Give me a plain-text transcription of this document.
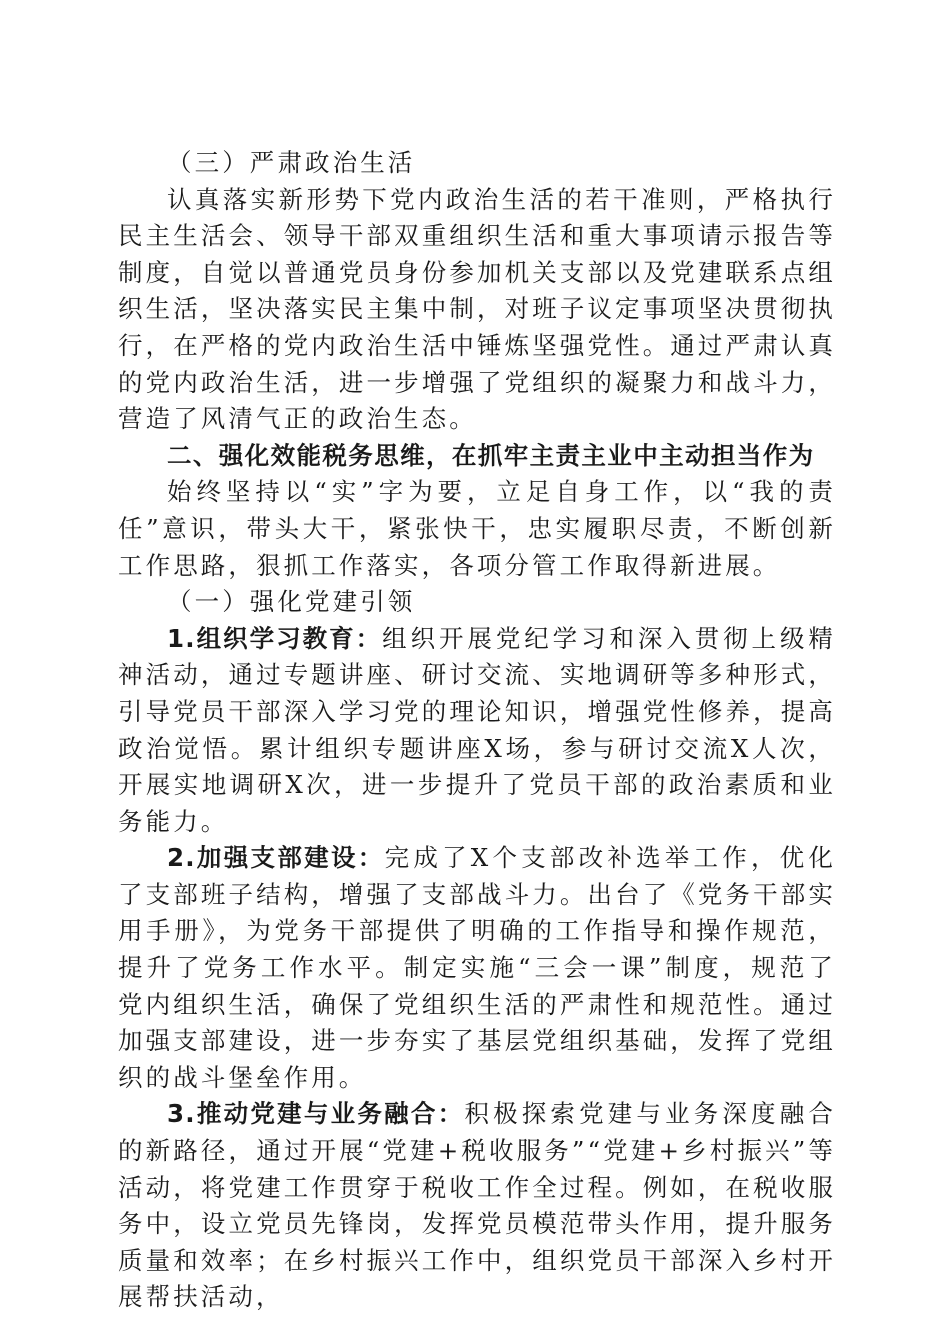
（三）严肃政治生活

认真落实新形势下党内政治生活的若干准则，严格执行民主生活会、领导干部双重组织生活和重大事项请示报告等制度，自觉以普通党员身份参加机关支部以及党建联系点组织生活，坚决落实民主集中制，对班子议定事项坚决贯彻执行，在严格的党内政治生活中锤炼坚强党性。通过严肃认真的党内政治生活，进一步增强了党组织的凝聚力和战斗力，营造了风清气正的政治生态。

二、强化效能税务思维，在抓牢主责主业中主动担当作为

始终坚持以“实”字为要，立足自身工作，以“我的责任”意识，带头大干，紧张快干，忠实履职尽责，不断创新工作思路，狠抓工作落实，各项分管工作取得新进展。

（一）强化党建引领

1.组织学习教育：组织开展党纪学习和深入贯彻上级精神活动，通过专题讲座、研讨交流、实地调研等多种形式，引导党员干部深入学习党的理论知识，增强党性修养，提高政治觉悟。累计组织专题讲座X场，参与研讨交流X人次，开展实地调研X次，进一步提升了党员干部的政治素质和业务能力。

2.加强支部建设：完成了X个支部改补选举工作，优化了支部班子结构，增强了支部战斗力。出台了《党务干部实用手册》，为党务干部提供了明确的工作指导和操作规范，提升了党务工作水平。制定实施“三会一课”制度，规范了党内组织生活，确保了党组织生活的严肃性和规范性。通过加强支部建设，进一步夯实了基层党组织基础，发挥了党组织的战斗堡垒作用。

3.推动党建与业务融合：积极探索党建与业务深度融合的新路径，通过开展“党建+税收服务”“党建+乡村振兴”等活动，将党建工作贯穿于税收工作全过程。例如，在税收服务中，设立党员先锋岗，发挥党员模范带头作用，提升服务质量和效率；在乡村振兴工作中，组织党员干部深入乡村开展帮扶活动，
